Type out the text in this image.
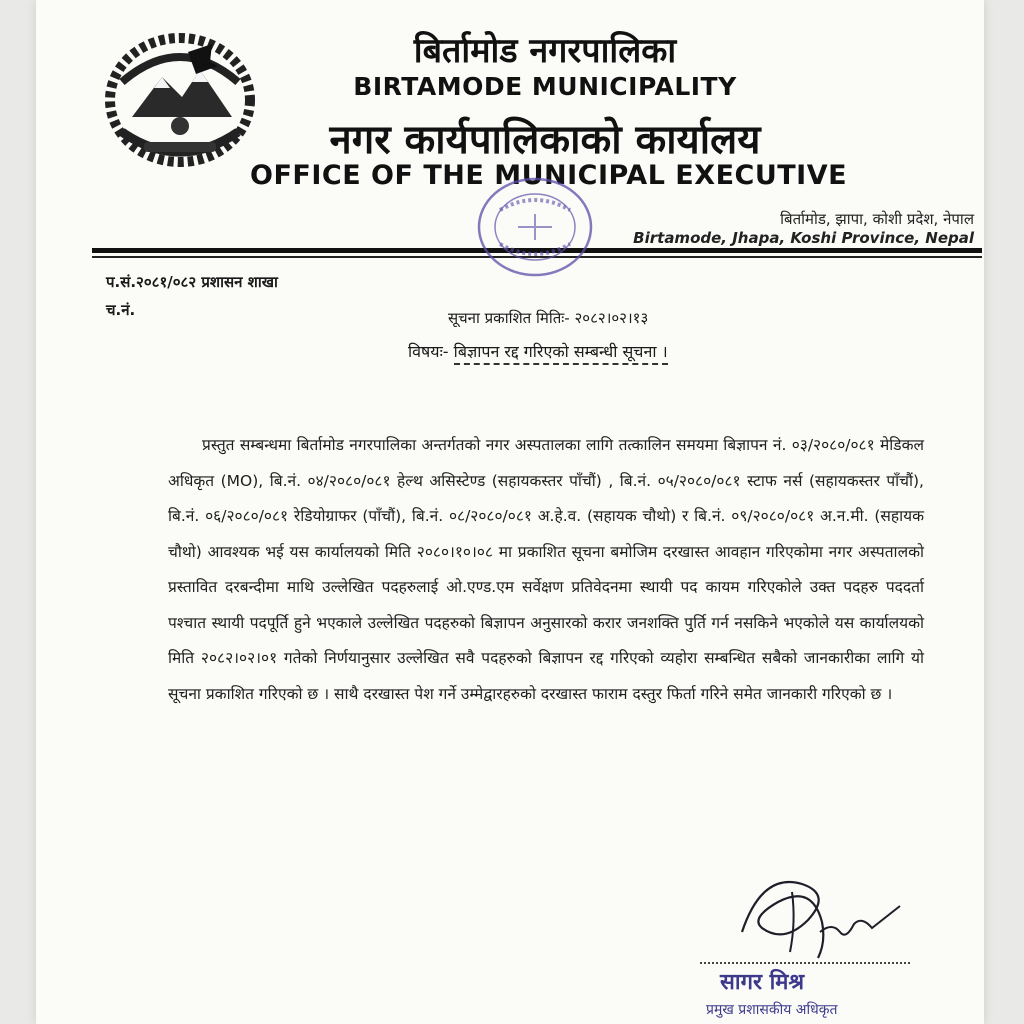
बिर्तामोड नगरपालिका
BIRTAMODE MUNICIPALITY
नगर कार्यपालिकाको कार्यालय
OFFICE OF THE MUNICIPAL EXECUTIVE
बिर्तामोड, झापा, कोशी प्रदेश, नेपाल
Birtamode, Jhapa, Koshi Province, Nepal
प.सं.२०८१/०८२ प्रशासन शाखा
च.नं.	सूचना प्रकाशित मितिः- २०८२।०२।१३
विषयः- बिज्ञापन रद्द गरिएको सम्बन्धी सूचना ।

प्रस्तुत सम्बन्धमा बिर्तामोड नगरपालिका अन्तर्गतको नगर अस्पतालका लागि तत्कालिन समयमा बिज्ञापन नं. ०३/२०८०/०८१ मेडिकल अधिकृत (MO), बि.नं. ०४/२०८०/०८१ हेल्थ असिस्टेण्ड (सहायकस्तर पाँचौं) , बि.नं. ०५/२०८०/०८१ स्टाफ नर्स (सहायकस्तर पाँचौं), बि.नं. ०६/२०८०/०८१ रेडियोग्राफर (पाँचौं), बि.नं. ०८/२०८०/०८१ अ.हे.व. (सहायक चौथो) र बि.नं. ०९/२०८०/०८१ अ.न.मी. (सहायक चौथो) आवश्यक भई यस कार्यालयको मिति २०८०।१०।०८ मा प्रकाशित सूचना बमोजिम दरखास्त आवहान गरिएकोमा नगर अस्पतालको प्रस्तावित दरबन्दीमा माथि उल्लेखित पदहरुलाई ओ.एण्ड.एम सर्वेक्षण प्रतिवेदनमा स्थायी पद कायम गरिएकोले उक्त पदहरु पददर्ता पश्चात स्थायी पदपूर्ति हुने भएकाले उल्लेखित पदहरुको बिज्ञापन अनुसारको करार जनशक्ति पुर्ति गर्न नसकिने भएकोले यस कार्यालयको मिति २०८२।०२।०१ गतेको निर्णयानुसार उल्लेखित सवै पदहरुको बिज्ञापन रद्द गरिएको व्यहोरा सम्बन्धित सबैको जानकारीका लागि यो सूचना प्रकाशित गरिएको छ । साथै दरखास्त पेश गर्ने उम्मेद्वारहरुको दरखास्त फाराम दस्तुर फिर्ता गरिने समेत जानकारी गरिएको छ ।

सागर मिश्र
प्रमुख प्रशासकीय अधिकृत
